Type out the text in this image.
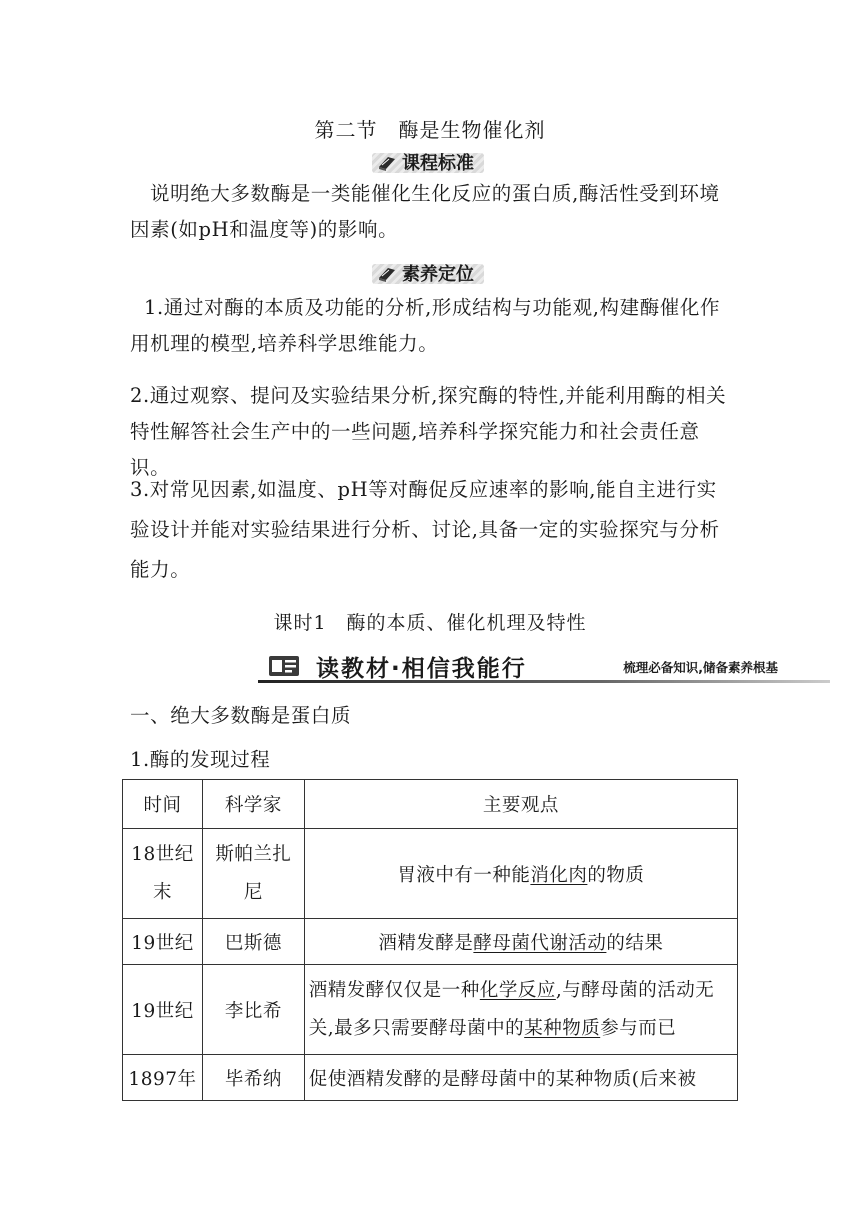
第二节　酶是生物催化剂
课程标准
说明绝大多数酶是一类能催化生化反应的蛋白质,酶活性受到环境因素(如pH和温度等)的影响。
素养定位
1.通过对酶的本质及功能的分析,形成结构与功能观,构建酶催化作用机理的模型,培养科学思维能力。
2.通过观察、提问及实验结果分析,探究酶的特性,并能利用酶的相关特性解答社会生产中的一些问题,培养科学探究能力和社会责任意识。
3.对常见因素,如温度、pH等对酶促反应速率的影响,能自主进行实验设计并能对实验结果进行分析、讨论,具备一定的实验探究与分析能力。
课时1　酶的本质、催化机理及特性
读教材·相信我能行	梳理必备知识,储备素养根基
一、绝大多数酶是蛋白质
1.酶的发现过程
时间	科学家	主要观点
18世纪末	斯帕兰扎尼	胃液中有一种能消化肉的物质
19世纪	巴斯德	酒精发酵是酵母菌代谢活动的结果
19世纪	李比希	酒精发酵仅仅是一种化学反应,与酵母菌的活动无关,最多只需要酵母菌中的某种物质参与而已
1897年	毕希纳	促使酒精发酵的是酵母菌中的某种物质(后来被
